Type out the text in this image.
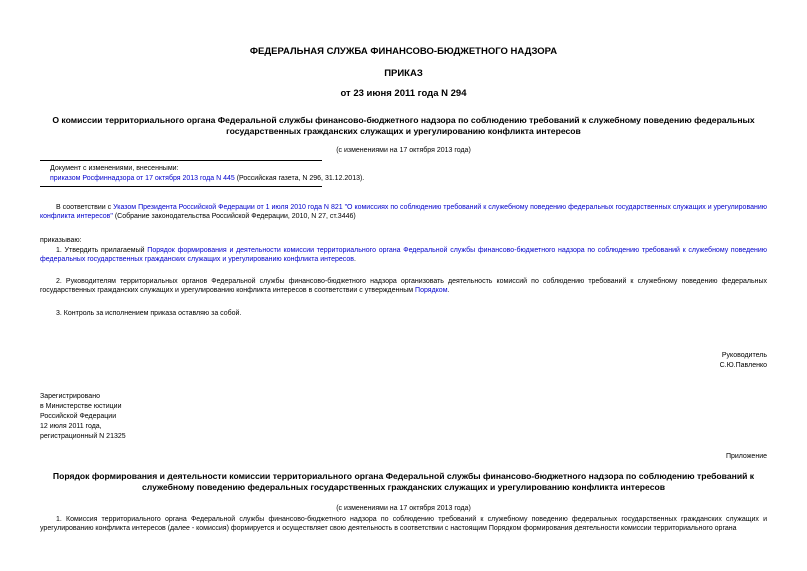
ФЕДЕРАЛЬНАЯ СЛУЖБА ФИНАНСОВО-БЮДЖЕТНОГО НАДЗОРА
ПРИКАЗ
от 23 июня 2011 года N 294
О комиссии территориального органа Федеральной службы финансово-бюджетного надзора по соблюдению требований к служебному поведению федеральных государственных гражданских служащих и урегулированию конфликта интересов
(с изменениями на 17 октября 2013 года)
Документ с изменениями, внесенными:
приказом Росфиннадзора от 17 октября 2013 года N 445 (Российская газета, N 296, 31.12.2013).
В соответствии с Указом Президента Российской Федерации от 1 июля 2010 года N 821 "О комиссиях по соблюдению требований к служебному поведению федеральных государственных служащих и урегулированию конфликта интересов" (Собрание законодательства Российской Федерации, 2010, N 27, ст.3446)
приказываю:
1. Утвердить прилагаемый Порядок формирования и деятельности комиссии территориального органа Федеральной службы финансово-бюджетного надзора по соблюдению требований к служебному поведению федеральных государственных гражданских служащих и урегулированию конфликта интересов.
2. Руководителям территориальных органов Федеральной службы финансово-бюджетного надзора организовать деятельность комиссий по соблюдению требований к служебному поведению федеральных государственных гражданских служащих и урегулированию конфликта интересов в соответствии с утвержденным Порядком.
3. Контроль за исполнением приказа оставляю за собой.
Руководитель
С.Ю.Павленко
Зарегистрировано
в Министерстве юстиции
Российской Федерации
12 июля 2011 года,
регистрационный N 21325
Приложение
Порядок формирования и деятельности комиссии территориального органа Федеральной службы финансово-бюджетного надзора по соблюдению требований к служебному поведению федеральных государственных гражданских служащих и урегулированию конфликта интересов
(с изменениями на 17 октября 2013 года)
1. Комиссия территориального органа Федеральной службы финансово-бюджетного надзора по соблюдению требований к служебному поведению федеральных государственных гражданских служащих и урегулированию конфликта интересов (далее - комиссия) формируется и осуществляет свою деятельность в соответствии с настоящим Порядком формирования деятельности комиссии территориального органа
